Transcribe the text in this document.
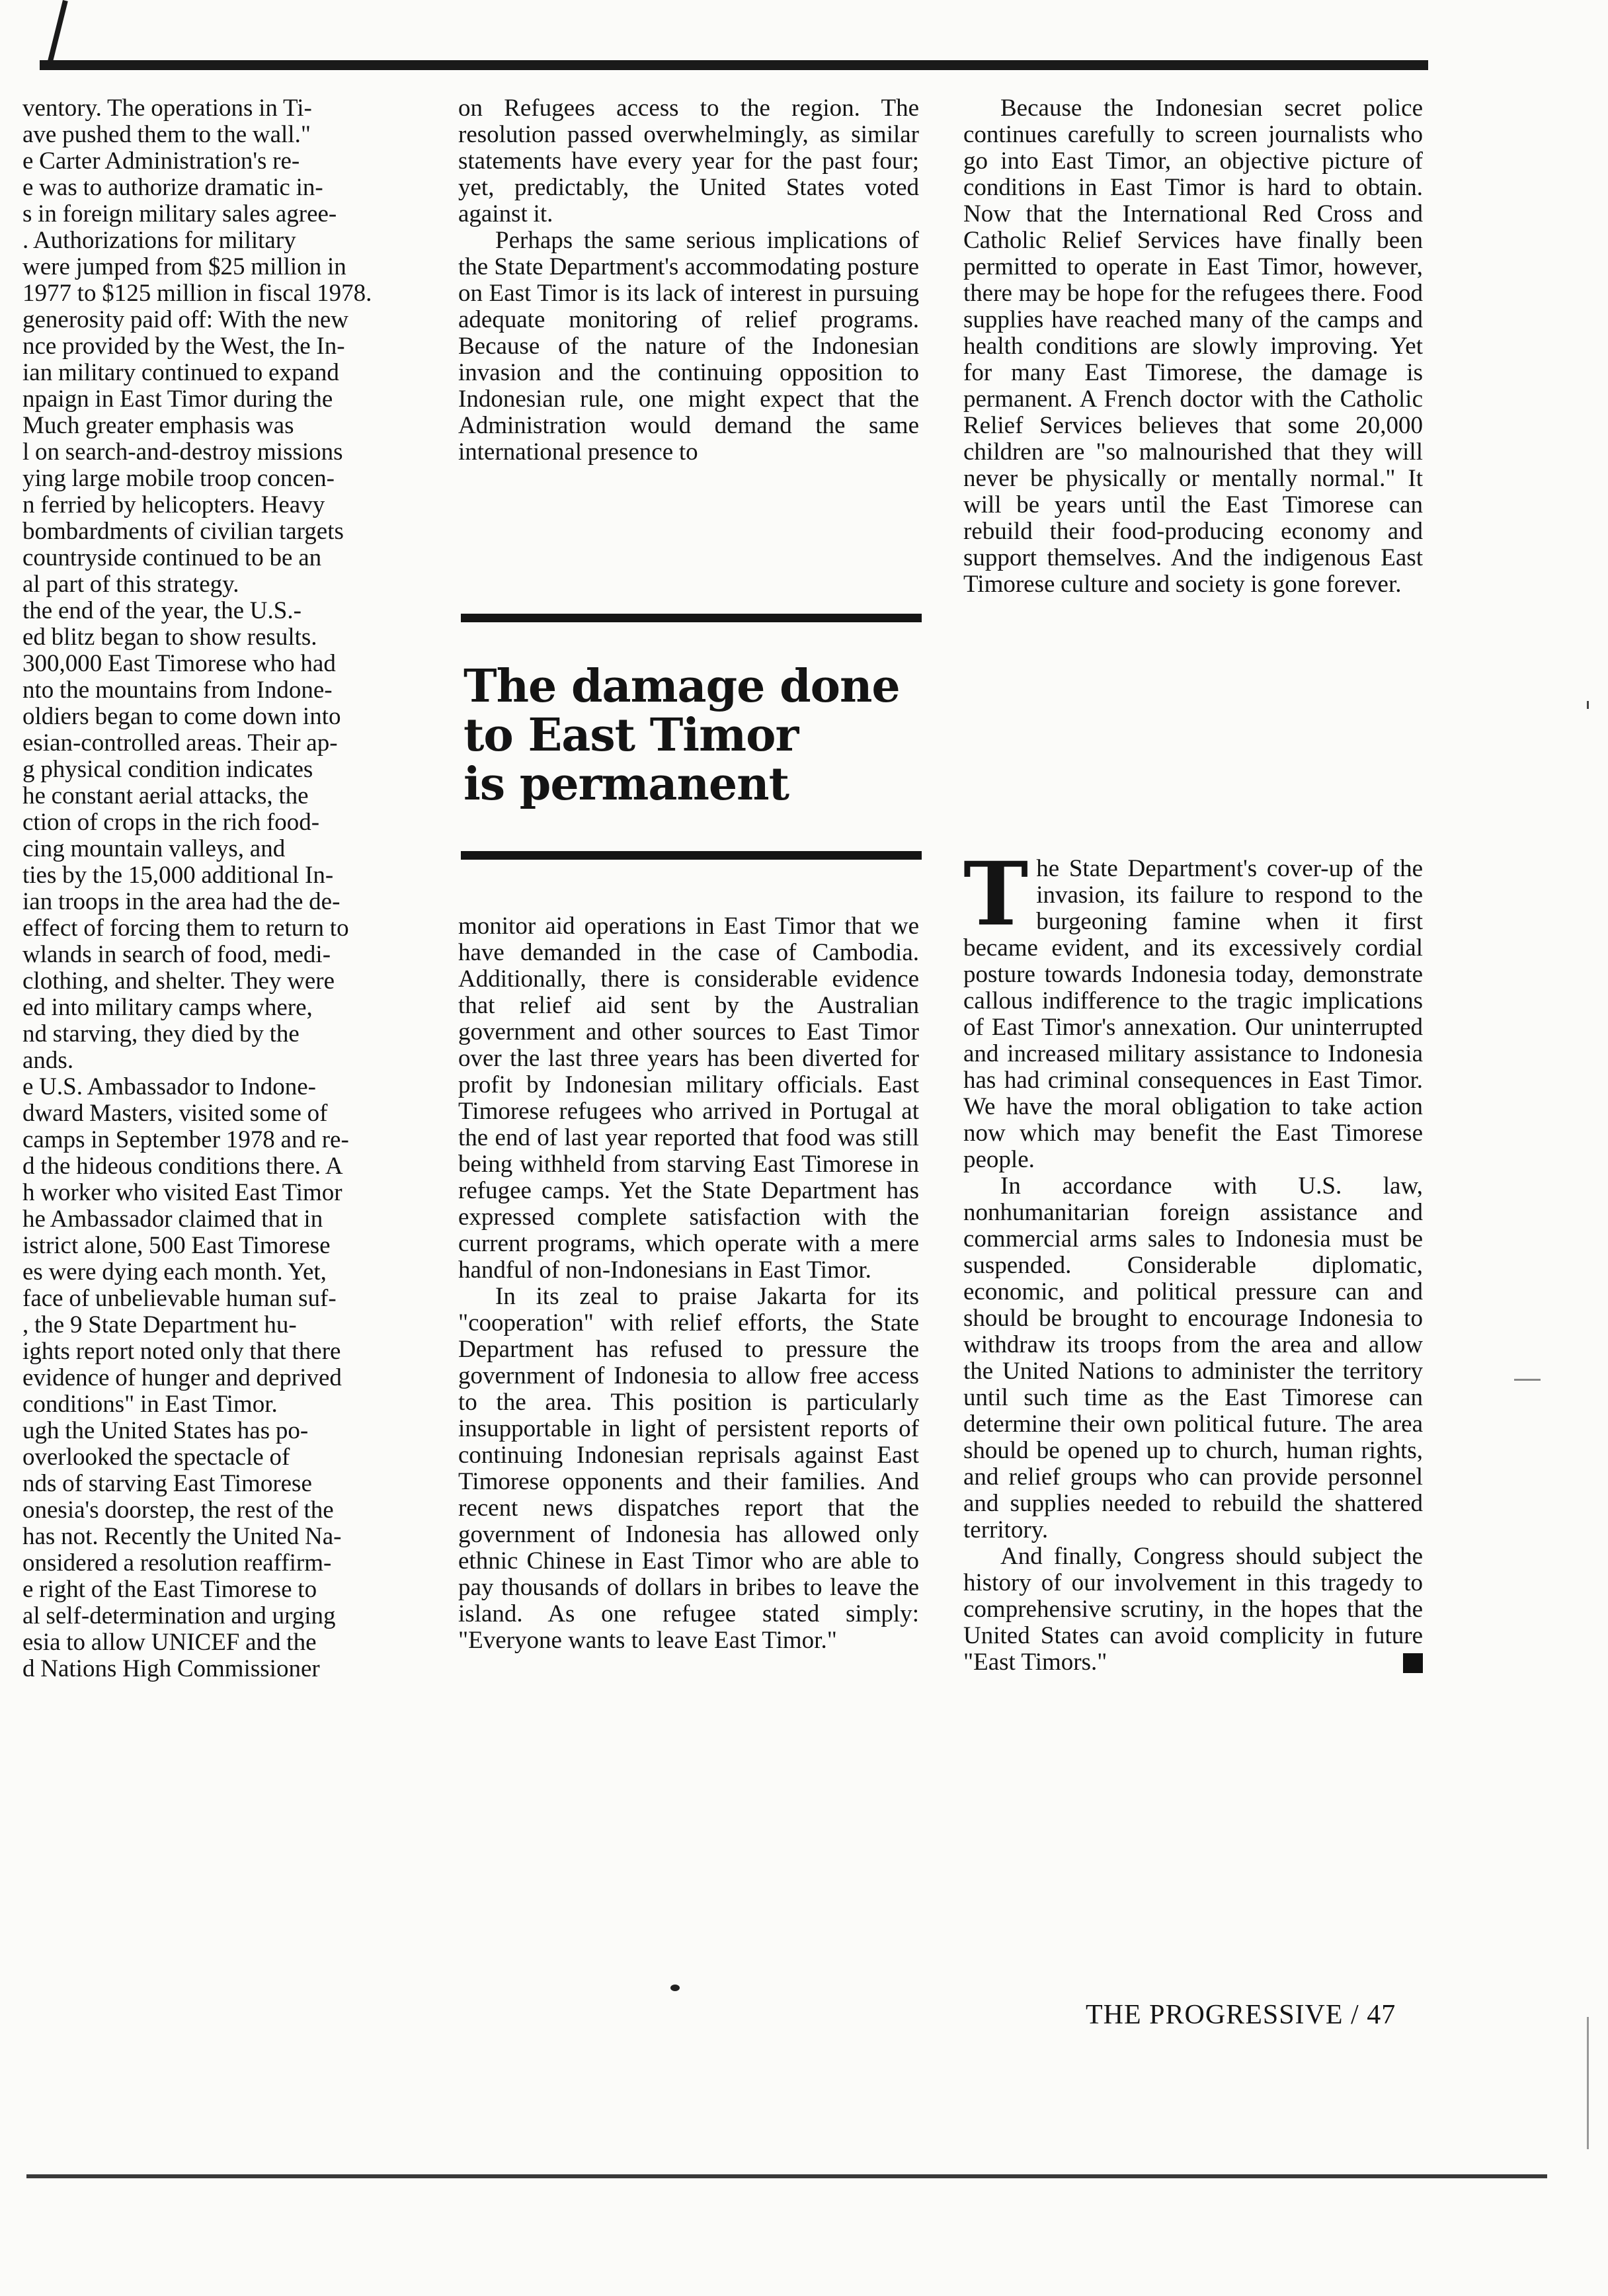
ventory. The operations in Ti-
ave pushed them to the wall."
e Carter Administration's re-
e was to authorize dramatic in-
s in foreign military sales agree-
. Authorizations for military
were jumped from $25 million in
1977 to $125 million in fiscal 1978.
generosity paid off: With the new
nce provided by the West, the In-
ian military continued to expand
npaign in East Timor during the
Much greater emphasis was
l on search-and-destroy missions
ying large mobile troop concen-
n ferried by helicopters. Heavy
bombardments of civilian targets
countryside continued to be an
al part of this strategy.
the end of the year, the U.S.-
ed blitz began to show results.
300,000 East Timorese who had
nto the mountains from Indone-
oldiers began to come down into
esian-controlled areas. Their ap-
g physical condition indicates
he constant aerial attacks, the
ction of crops in the rich food-
cing mountain valleys, and
ties by the 15,000 additional In-
ian troops in the area had the de-
effect of forcing them to return to
wlands in search of food, medi-
clothing, and shelter. They were
ed into military camps where,
nd starving, they died by the
ands.
e U.S. Ambassador to Indone-
dward Masters, visited some of
camps in September 1978 and re-
d the hideous conditions there. A
h worker who visited East Timor
he Ambassador claimed that in
istrict alone, 500 East Timorese
es were dying each month. Yet,
face of unbelievable human suf-
, the 9 State Department hu-
ights report noted only that there
evidence of hunger and deprived
conditions" in East Timor.
ugh the United States has po-
overlooked the spectacle of
nds of starving East Timorese
onesia's doorstep, the rest of the
has not. Recently the United Na-
onsidered a resolution reaffirm-
e right of the East Timorese to
al self-determination and urging
esia to allow UNICEF and the
d Nations High Commissioner

on Refugees access to the region. The resolution passed overwhelmingly, as similar statements have every year for the past four; yet, predictably, the United States voted against it.

Perhaps the same serious implications of the State Department's accommodating posture on East Timor is its lack of interest in pursuing adequate monitoring of relief programs. Because of the nature of the Indonesian invasion and the continuing opposition to Indonesian rule, one might expect that the Administration would demand the same international presence to

The damage done
to East Timor
is permanent

monitor aid operations in East Timor that we have demanded in the case of Cambodia. Additionally, there is considerable evidence that relief aid sent by the Australian government and other sources to East Timor over the last three years has been diverted for profit by Indonesian military officials. East Timorese refugees who arrived in Portugal at the end of last year reported that food was still being withheld from starving East Timorese in refugee camps. Yet the State Department has expressed complete satisfaction with the current programs, which operate with a mere handful of non-Indonesians in East Timor.

In its zeal to praise Jakarta for its "cooperation" with relief efforts, the State Department has refused to pressure the government of Indonesia to allow free access to the area. This position is particularly insupportable in light of persistent reports of continuing Indonesian reprisals against East Timorese opponents and their families. And recent news dispatches report that the government of Indonesia has allowed only ethnic Chinese in East Timor who are able to pay thousands of dollars in bribes to leave the island. As one refugee stated simply: "Everyone wants to leave East Timor."

Because the Indonesian secret police continues carefully to screen journalists who go into East Timor, an objective picture of conditions in East Timor is hard to obtain. Now that the International Red Cross and Catholic Relief Services have finally been permitted to operate in East Timor, however, there may be hope for the refugees there. Food supplies have reached many of the camps and health conditions are slowly improving. Yet for many East Timorese, the damage is permanent. A French doctor with the Catholic Relief Services believes that some 20,000 children are "so malnourished that they will never be physically or mentally normal." It will be years until the East Timorese can rebuild their food-producing economy and support themselves. And the indigenous East Timorese culture and society is gone forever.

T he State Department's cover-up of the invasion, its failure to respond to the burgeoning famine when it first became evident, and its excessively cordial posture towards Indonesia today, demonstrate callous indifference to the tragic implications of East Timor's annexation. Our uninterrupted and increased military assistance to Indonesia has had criminal consequences in East Timor. We have the moral obligation to take action now which may benefit the East Timorese people.

In accordance with U.S. law, nonhumanitarian foreign assistance and commercial arms sales to Indonesia must be suspended. Considerable diplomatic, economic, and political pressure can and should be brought to encourage Indonesia to withdraw its troops from the area and allow the United Nations to administer the territory until such time as the East Timorese can determine their own political future. The area should be opened up to church, human rights, and relief groups who can provide personnel and supplies needed to rebuild the shattered territory.

And finally, Congress should subject the history of our involvement in this tragedy to comprehensive scrutiny, in the hopes that the United States can avoid complicity in future "East Timors."

THE PROGRESSIVE / 47
